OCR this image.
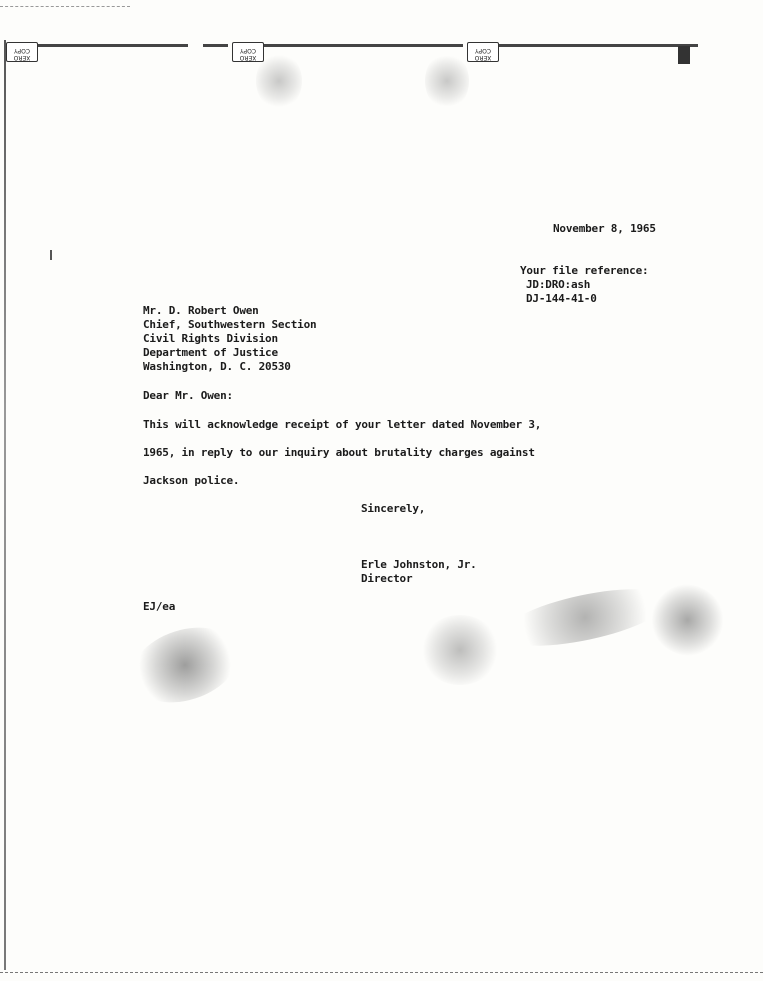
XERO COPY
XERO COPY
XERO COPY
November 8, 1965
Your file reference:
JD:DRO:ash
DJ-144-41-0
Mr. D. Robert Owen
Chief, Southwestern Section
Civil Rights Division
Department of Justice
Washington, D. C. 20530
Dear Mr. Owen:
This will acknowledge receipt of your letter dated November 3,
1965, in reply to our inquiry about brutality charges against
Jackson police.
Sincerely,
Erle Johnston, Jr.
Director
EJ/ea
